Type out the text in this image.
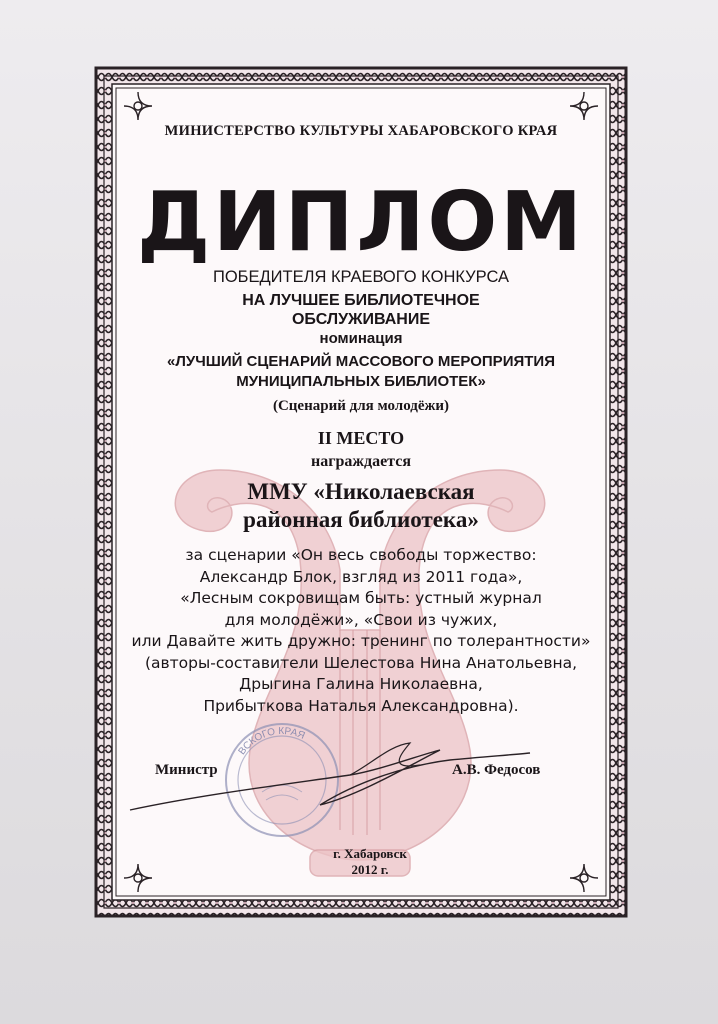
ВСКОГО КРАЯ

МИНИСТЕРСТВО КУЛЬТУРЫ ХАБАРОВСКОГО КРАЯ

ДИПЛОМ

ПОБЕДИТЕЛЯ КРАЕВОГО КОНКУРСА

НА ЛУЧШЕЕ БИБЛИОТЕЧНОЕ
ОБСЛУЖИВАНИЕ

номинация

«ЛУЧШИЙ СЦЕНАРИЙ МАССОВОГО МЕРОПРИЯТИЯ
МУНИЦИПАЛЬНЫХ БИБЛИОТЕК»

(Сценарий для молодёжи)

II МЕСТО

награждается

ММУ «Николаевская
районная библиотека»
за сценарии «Он весь свободы торжество:
Александр Блок, взгляд из 2011 года»,
«Лесным сокровищам быть: устный журнал
для молодёжи», «Свои из чужих,
или Давайте жить дружно: тренинг по толерантности»
(авторы-составители Шелестова Нина Анатольевна,
Дрыгина Галина Николаевна,
Прибыткова Наталья Александровна).
Министр	А.В. Федосов
г. Хабаровск
2012 г.
